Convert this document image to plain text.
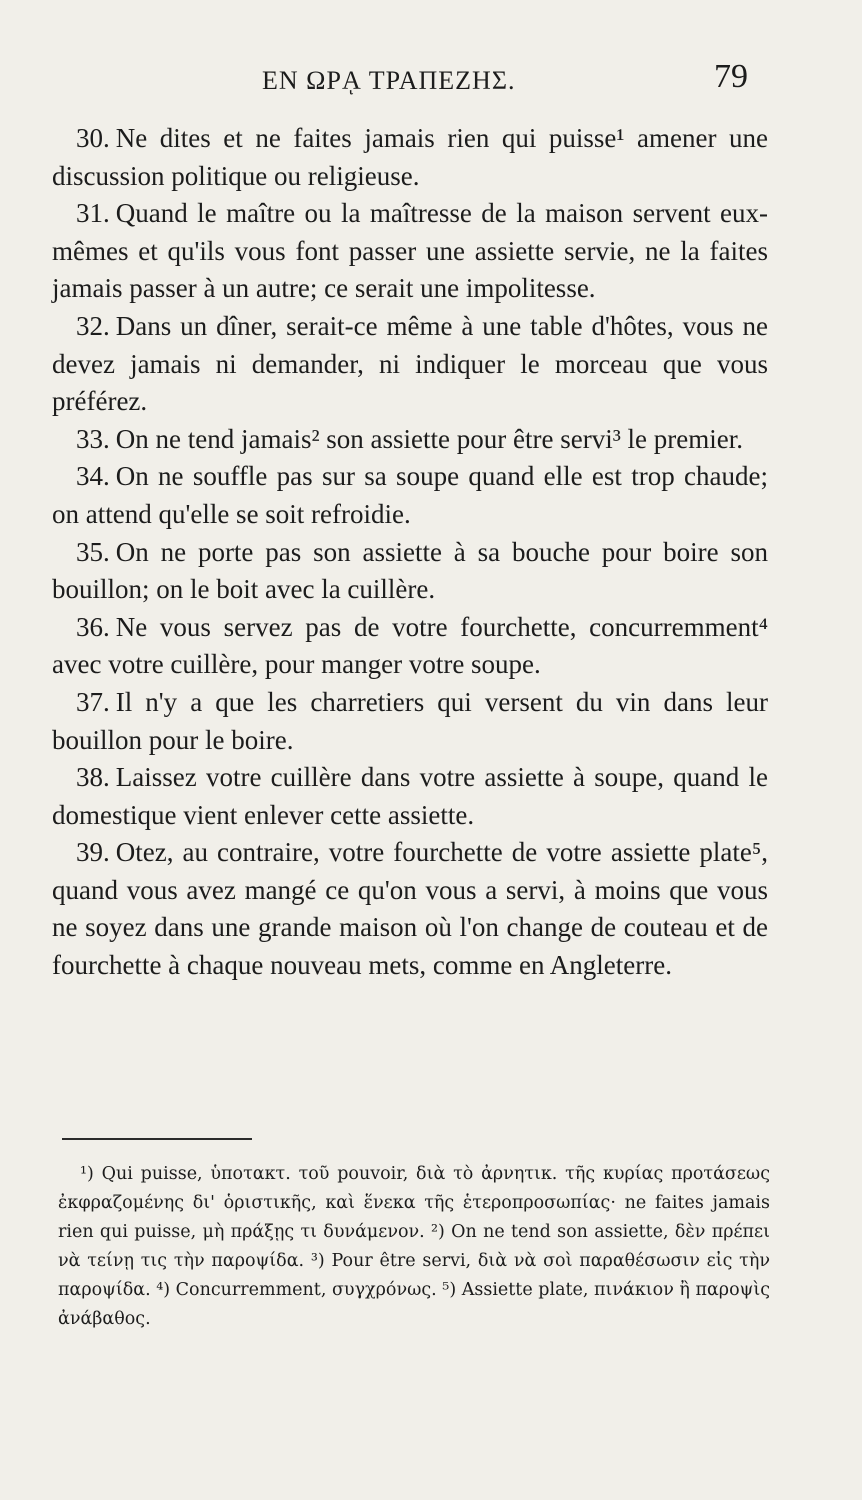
ΕΝ ΩΡᾼ ΤΡΑΠΕΖΗΣ.	79

30. Ne dites et ne faites jamais rien qui puisse¹ amener une discussion politique ou religieuse.

31. Quand le maître ou la maîtresse de la maison servent eux-mêmes et qu'ils vous font passer une assiette servie, ne la faites jamais passer à un autre; ce serait une impolitesse.

32. Dans un dîner, serait-ce même à une table d'hôtes, vous ne devez jamais ni demander, ni indiquer le morceau que vous préférez.

33. On ne tend jamais² son assiette pour être servi³ le premier.

34. On ne souffle pas sur sa soupe quand elle est trop chaude; on attend qu'elle se soit refroidie.

35. On ne porte pas son assiette à sa bouche pour boire son bouillon; on le boit avec la cuillère.

36. Ne vous servez pas de votre fourchette, concurremment⁴ avec votre cuillère, pour manger votre soupe.

37. Il n'y a que les charretiers qui versent du vin dans leur bouillon pour le boire.

38. Laissez votre cuillère dans votre assiette à soupe, quand le domestique vient enlever cette assiette.

39. Otez, au contraire, votre fourchette de votre assiette plate⁵, quand vous avez mangé ce qu'on vous a servi, à moins que vous ne soyez dans une grande maison où l'on change de couteau et de fourchette à chaque nouveau mets, comme en Angleterre.

¹) Qui puisse, ὑποτακτ. τοῦ pouvoir, διὰ τὸ ἀρνητικ. τῆς κυρίας προτάσεως ἐκφραζομένης δι' ὁριστικῆς, καὶ ἕνεκα τῆς ἑτεροπροσωπίας· ne faites jamais rien qui puisse, μὴ πράξῃς τι δυνάμενον. ²) On ne tend son assiette, δὲν πρέπει νὰ τείνῃ τις τὴν παροψίδα. ³) Pour être servi, διὰ νὰ σοὶ παραθέσωσιν εἰς τὴν παροψίδα. ⁴) Concurremment, συγχρόνως. ⁵) Assiette plate, πινάκιον ἢ παροψὶς ἀνάβαθος.
